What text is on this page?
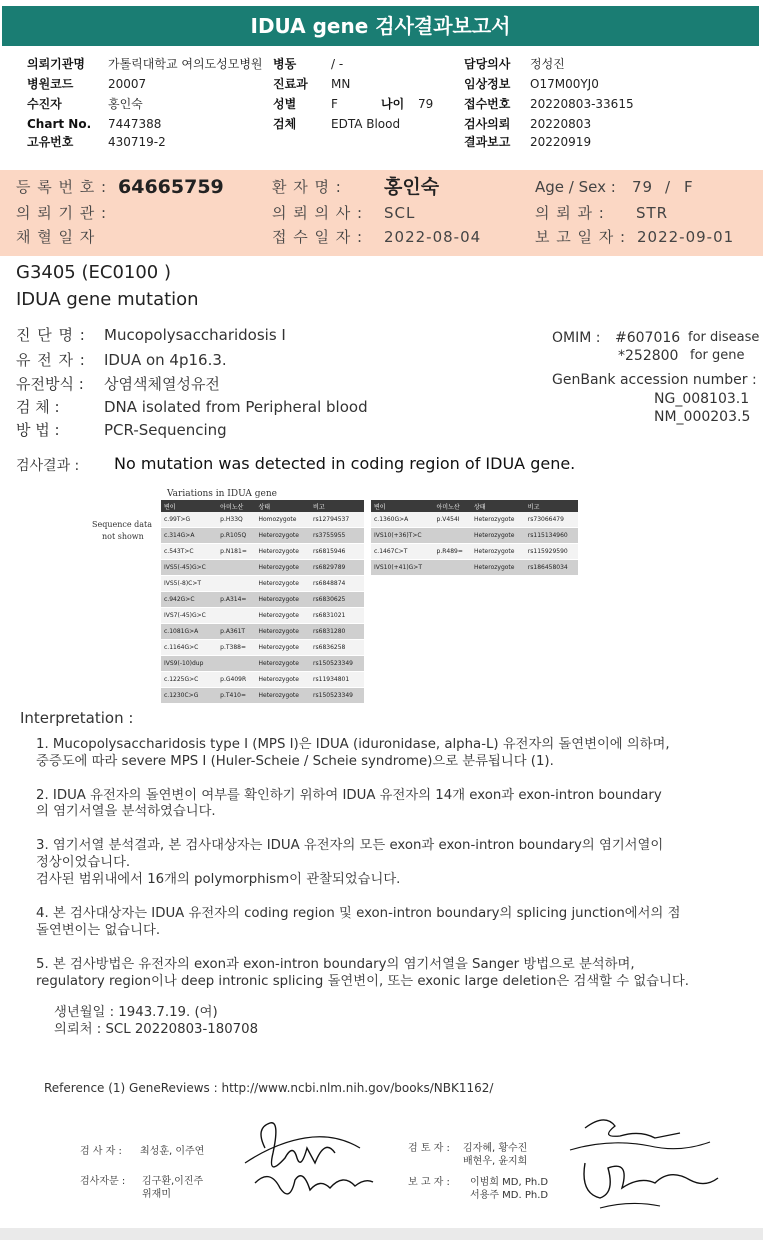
IDUA gene 검사결과보고서
의뢰기관명 가톨릭대학교 여의도성모병원 병동	/ -	담당의사 정성진
병원코드	20007	진료과 MN	임상정보 O17M00YJ0
수진자	홍인숙	성별	F	나이 79	접수번호 20220803-33615
Chart No. 7447388	검체	EDTA Blood	검사의뢰 20220803
고유번호	430719-2	결과보고 20220919
등 록 번 호 : 64665759	환 자 명 : 홍인숙	Age / Sex : 79 / F
의 뢰 기 관 :	의 뢰 의 사 : SCL	의 뢰 과 : STR
채 혈 일 자	접 수 일 자 : 2022-08-04	보 고 일 자 : 2022-09-01
G3405 (EC0100 )
IDUA gene mutation
진 단 명 : Mucopolysaccharidosis I
유 전 자 : IDUA on 4p16.3.
유전방식 : 상염색체열성유전
검 체 :	DNA isolated from Peripheral blood
방 법 :	PCR-Sequencing
OMIM : #607016 for disease
*252800 for gene
GenBank accession number :
NG_008103.1
NM_000203.5
검사결과 : No mutation was detected in coding region of IDUA gene.
Variations in IDUA gene
Sequence data
not shown
변이	아미노산	상태	비고
c.99T>G	p.H33Q	Homozygote	rs12794537
c.314G>A	p.R105Q	Heterozygote	rs3755955
c.543T>C	p.N181=	Heterozygote	rs6815946
IVS5(-45)G>C		Heterozygote	rs6829789
IVS5(-8)C>T		Heterozygote	rs6848874
c.942G>C	p.A314=	Heterozygote	rs6830625
IVS7(-45)G>C		Heterozygote	rs6831021
c.1081G>A	p.A361T	Heterozygote	rs6831280
c.1164G>C	p.T388=	Heterozygote	rs6836258
IVS9(-10)dup		Heterozygote	rs150523349
c.1225G>C	p.G409R	Heterozygote	rs11934801
c.1230C>G	p.T410=	Heterozygote	rs150523349
변이	아미노산	상태	비고
c.1360G>A	p.V454I	Heterozygote	rs73066479
IVS10(+36)T>C		Heterozygote	rs115134960
c.1467C>T	p.R489=	Heterozygote	rs115929590
IVS10(+41)G>T		Heterozygote	rs186458034
Interpretation :
1. Mucopolysaccharidosis type I (MPS I)은 IDUA (iduronidase, alpha-L) 유전자의 돌연변이에 의하며,
중증도에 따라 severe MPS I (Huler-Scheie / Scheie syndrome)으로 분류됩니다 (1).
2. IDUA 유전자의 돌연변이 여부를 확인하기 위하여 IDUA 유전자의 14개 exon과 exon-intron boundary
의 염기서열을 분석하였습니다.
3. 염기서열 분석결과, 본 검사대상자는 IDUA 유전자의 모든 exon과 exon-intron boundary의 염기서열이
정상이었습니다.
검사된 범위내에서 16개의 polymorphism이 관찰되었습니다.
4. 본 검사대상자는 IDUA 유전자의 coding region 및 exon-intron boundary의 splicing junction에서의 점
돌연변이는 없습니다.
5. 본 검사방법은 유전자의 exon과 exon-intron boundary의 염기서열을 Sanger 방법으로 분석하며,
regulatory region이나 deep intronic splicing 돌연변이, 또는 exonic large deletion은 검색할 수 없습니다.
생년월일 : 1943.7.19. (여)
의뢰처 : SCL 20220803-180708
Reference (1) GeneReviews : http://www.ncbi.nlm.nih.gov/books/NBK1162/
검 사 자 : 최성훈, 이주연
검사자문 : 김구환,이진주
위재미
검 토 자 : 김자혜, 황수진
배현우, 윤지희
보 고 자 : 이범희 MD, Ph.D
서용주 MD. Ph.D
